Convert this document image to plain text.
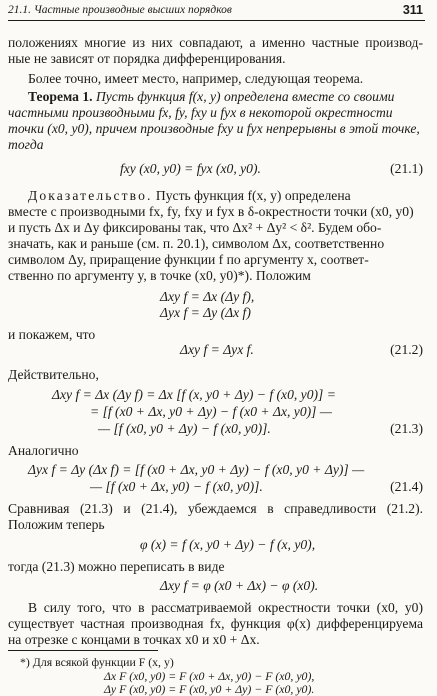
21.1. Частные производные высших порядков	311
положениях многие из них совпадают, а именно частные производ-
ные не зависят от порядка дифференцирования.
Более точно, имеет место, например, следующая теорема.
Теорема 1. Пусть функция f(x, y) определена вместе со своими
частными производными fx, fy, fxy и fyx в некоторой окрестности
точки (x0, y0), причем производные fxy и fyx непрерывны в этой точке,
тогда
fxy (x0, y0) = fyx (x0, y0).	(21.1)
Доказательство. Пусть функция f(x, y) определена
вместе с производными fx, fy, fxy и fyx в δ-окрестности точки (x0, y0)
и пусть Δx и Δy фиксированы так, что Δx² + Δy² < δ². Будем обо-
значать, как и раньше (см. п. 20.1), символом Δx, соответственно
символом Δy, приращение функции f по аргументу x, соответ-
ственно по аргументу y, в точке (x0, y0)*). Положим
Δxy f = Δx (Δy f),
Δyx f = Δy (Δx f)
и покажем, что
Δxy f = Δyx f.	(21.2)
Действительно,
Δxy f = Δx (Δy f) = Δx [f (x, y0 + Δy) − f (x0, y0)] =
= [f (x0 + Δx, y0 + Δy) − f (x0 + Δx, y0)] —
— [f (x0, y0 + Δy) − f (x0, y0)].	(21.3)
Аналогично
Δyx f = Δy (Δx f) = [f (x0 + Δx, y0 + Δy) − f (x0, y0 + Δy)] —
— [f (x0 + Δx, y0) − f (x0, y0)].	(21.4)
Сравнивая (21.3) и (21.4), убеждаемся в справедливости (21.2).
Положим теперь
φ (x) = f (x, y0 + Δy) − f (x, y0),
тогда (21.3) можно переписать в виде
Δxy f = φ (x0 + Δx) − φ (x0).
В силу того, что в рассматриваемой окрестности точки (x0, y0)
существует частная производная fx, функция φ(x) дифференцируема
на отрезке с концами в точках x0 и x0 + Δx.
*) Для всякой функции F (x, y)
Δx F (x0, y0) = F (x0 + Δx, y0) − F (x0, y0),
Δy F (x0, y0) = F (x0, y0 + Δy) − F (x0, y0).
